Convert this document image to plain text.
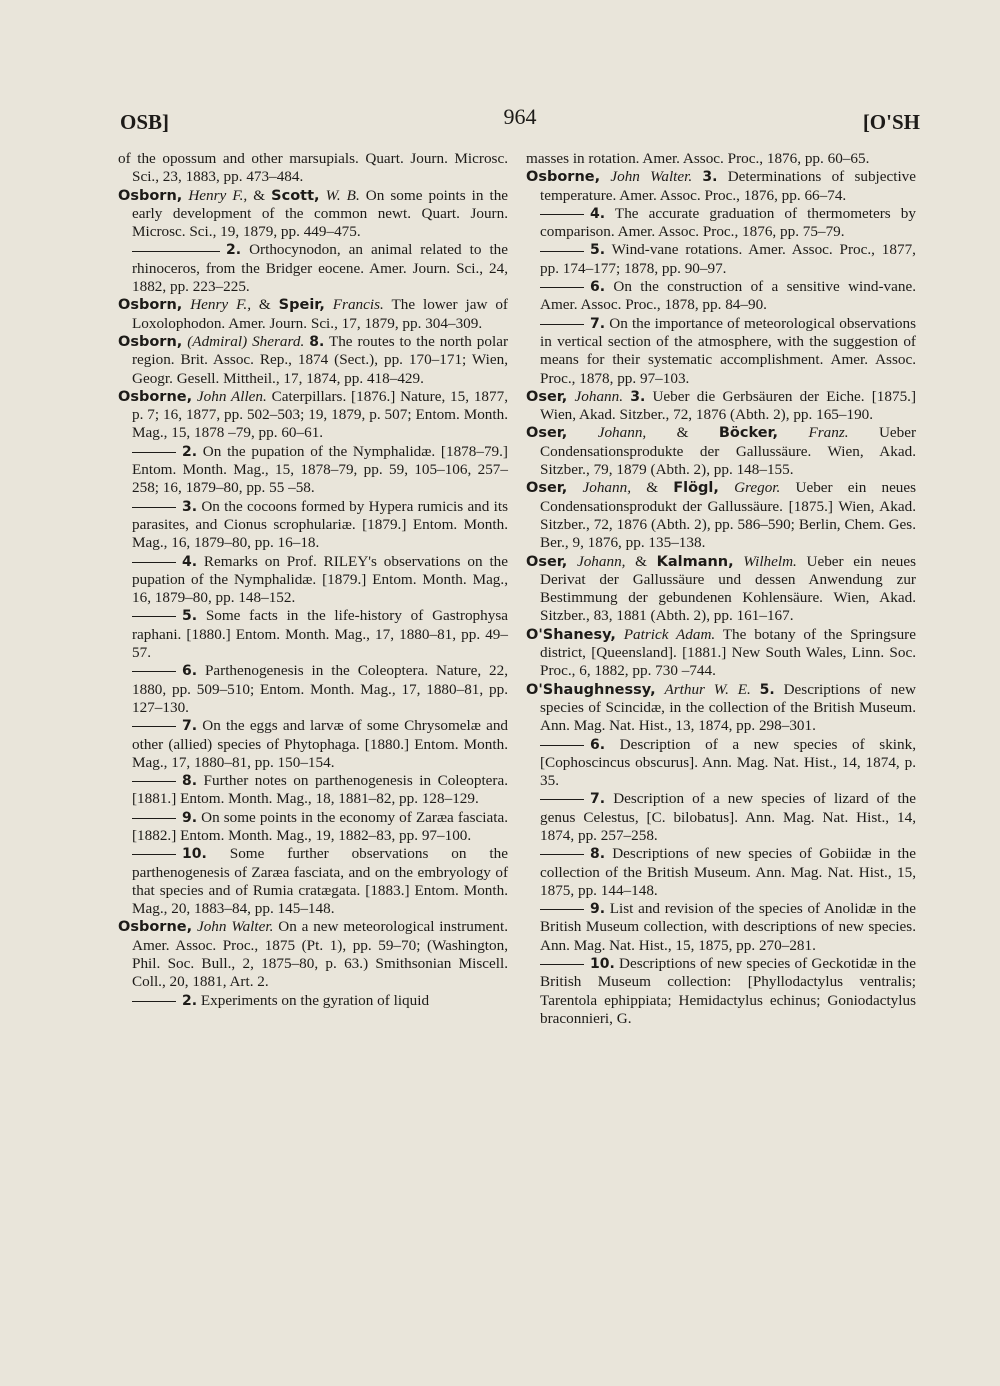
OSB]	964	[O'SH
of the opossum and other marsupials. Quart. Journ. Microsc. Sci., 23, 1883, pp. 473–484.
Osborn, Henry F., & Scott, W. B. On some points in the early development of the common newt. Quart. Journ. Microsc. Sci., 19, 1879, pp. 449–475.
2. Orthocynodon, an animal related to the rhinoceros, from the Bridger eocene. Amer. Journ. Sci., 24, 1882, pp. 223–225.
Osborn, Henry F., & Speir, Francis. The lower jaw of Loxolophodon. Amer. Journ. Sci., 17, 1879, pp. 304–309.
Osborn, (Admiral) Sherard. 8. The routes to the north polar region. Brit. Assoc. Rep., 1874 (Sect.), pp. 170–171; Wien, Geogr. Gesell. Mittheil., 17, 1874, pp. 418–429.
Osborne, John Allen. Caterpillars. [1876.] Nature, 15, 1877, p. 7; 16, 1877, pp. 502–503; 19, 1879, p. 507; Entom. Month. Mag., 15, 1878 –79, pp. 60–61.
2. On the pupation of the Nymphalidæ. [1878–79.] Entom. Month. Mag., 15, 1878–79, pp. 59, 105–106, 257–258; 16, 1879–80, pp. 55 –58.
3. On the cocoons formed by Hypera rumicis and its parasites, and Cionus scrophulariæ. [1879.] Entom. Month. Mag., 16, 1879–80, pp. 16–18.
4. Remarks on Prof. RILEY's observations on the pupation of the Nymphalidæ. [1879.] Entom. Month. Mag., 16, 1879–80, pp. 148–152.
5. Some facts in the life-history of Gastrophysa raphani. [1880.] Entom. Month. Mag., 17, 1880–81, pp. 49–57.
6. Parthenogenesis in the Coleoptera. Nature, 22, 1880, pp. 509–510; Entom. Month. Mag., 17, 1880–81, pp. 127–130.
7. On the eggs and larvæ of some Chrysomelæ and other (allied) species of Phytophaga. [1880.] Entom. Month. Mag., 17, 1880–81, pp. 150–154.
8. Further notes on parthenogenesis in Coleoptera. [1881.] Entom. Month. Mag., 18, 1881–82, pp. 128–129.
9. On some points in the economy of Zaræa fasciata. [1882.] Entom. Month. Mag., 19, 1882–83, pp. 97–100.
10. Some further observations on the parthenogenesis of Zaræa fasciata, and on the embryology of that species and of Rumia cratægata. [1883.] Entom. Month. Mag., 20, 1883–84, pp. 145–148.
Osborne, John Walter. On a new meteorological instrument. Amer. Assoc. Proc., 1875 (Pt. 1), pp. 59–70; (Washington, Phil. Soc. Bull., 2, 1875–80, p. 63.) Smithsonian Miscell. Coll., 20, 1881, Art. 2.
2. Experiments on the gyration of liquid
masses in rotation. Amer. Assoc. Proc., 1876, pp. 60–65.
Osborne, John Walter. 3. Determinations of subjective temperature. Amer. Assoc. Proc., 1876, pp. 66–74.
4. The accurate graduation of thermometers by comparison. Amer. Assoc. Proc., 1876, pp. 75–79.
5. Wind-vane rotations. Amer. Assoc. Proc., 1877, pp. 174–177; 1878, pp. 90–97.
6. On the construction of a sensitive wind-vane. Amer. Assoc. Proc., 1878, pp. 84–90.
7. On the importance of meteorological observations in vertical section of the atmosphere, with the suggestion of means for their systematic accomplishment. Amer. Assoc. Proc., 1878, pp. 97–103.
Oser, Johann. 3. Ueber die Gerbsäuren der Eiche. [1875.] Wien, Akad. Sitzber., 72, 1876 (Abth. 2), pp. 165–190.
Oser, Johann, & Böcker, Franz. Ueber Condensationsprodukte der Gallussäure. Wien, Akad. Sitzber., 79, 1879 (Abth. 2), pp. 148–155.
Oser, Johann, & Flögl, Gregor. Ueber ein neues Condensationsprodukt der Gallussäure. [1875.] Wien, Akad. Sitzber., 72, 1876 (Abth. 2), pp. 586–590; Berlin, Chem. Ges. Ber., 9, 1876, pp. 135–138.
Oser, Johann, & Kalmann, Wilhelm. Ueber ein neues Derivat der Gallussäure und dessen Anwendung zur Bestimmung der gebundenen Kohlensäure. Wien, Akad. Sitzber., 83, 1881 (Abth. 2), pp. 161–167.
O'Shanesy, Patrick Adam. The botany of the Springsure district, [Queensland]. [1881.] New South Wales, Linn. Soc. Proc., 6, 1882, pp. 730 –744.
O'Shaughnessy, Arthur W. E. 5. Descriptions of new species of Scincidæ, in the collection of the British Museum. Ann. Mag. Nat. Hist., 13, 1874, pp. 298–301.
6. Description of a new species of skink, [Cophoscincus obscurus]. Ann. Mag. Nat. Hist., 14, 1874, p. 35.
7. Description of a new species of lizard of the genus Celestus, [C. bilobatus]. Ann. Mag. Nat. Hist., 14, 1874, pp. 257–258.
8. Descriptions of new species of Gobiidæ in the collection of the British Museum. Ann. Mag. Nat. Hist., 15, 1875, pp. 144–148.
9. List and revision of the species of Anolidæ in the British Museum collection, with descriptions of new species. Ann. Mag. Nat. Hist., 15, 1875, pp. 270–281.
10. Descriptions of new species of Geckotidæ in the British Museum collection: [Phyllodactylus ventralis; Tarentola ephippiata; Hemidactylus echinus; Goniodactylus braconnieri, G.
